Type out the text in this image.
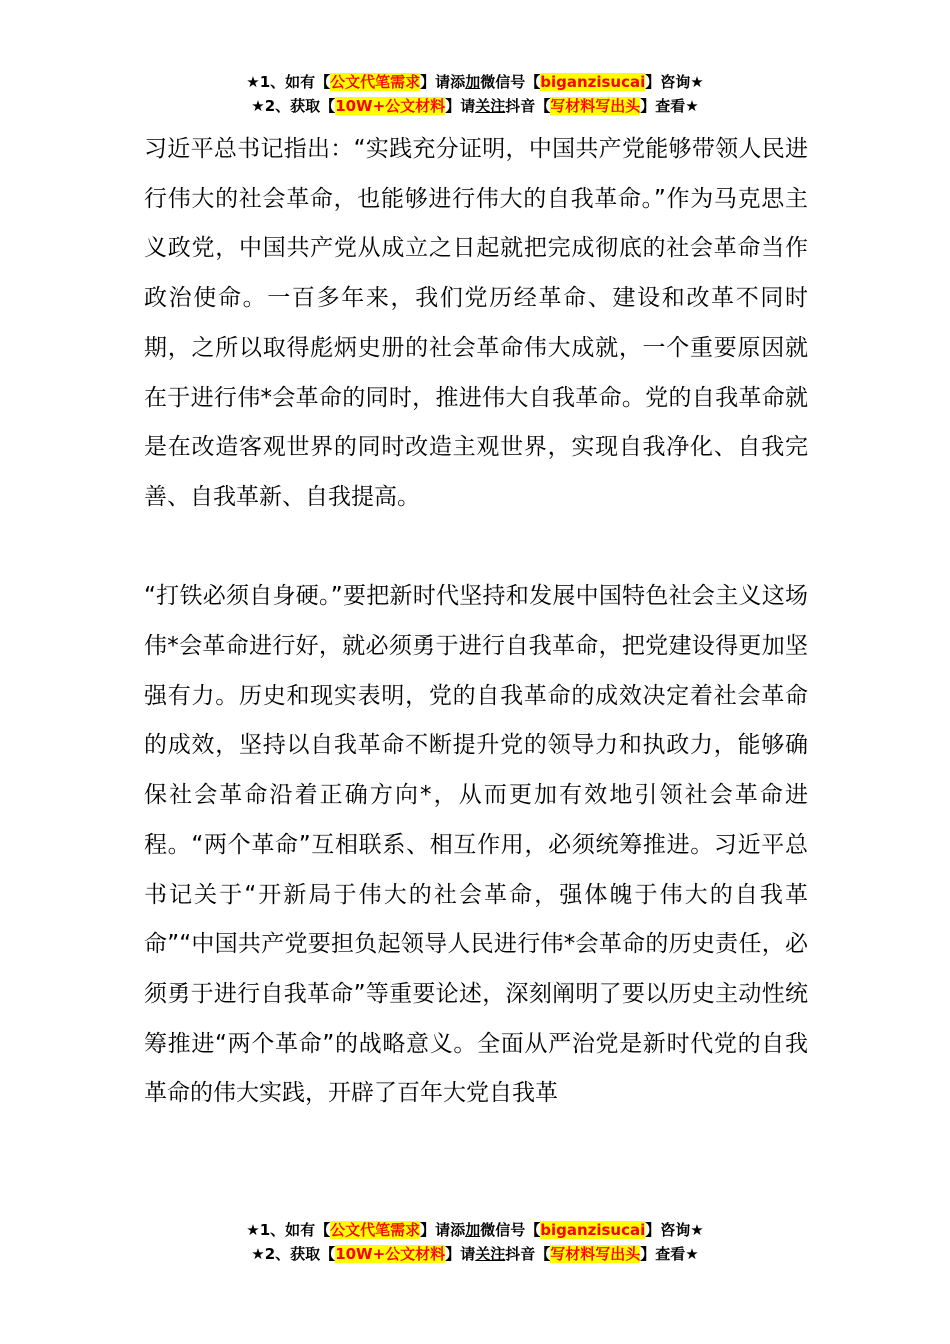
★1、如有【公文代笔需求】请添加微信号【biganzisucai】咨询★
★2、获取【10W+公文材料】请关注抖音【写材料写出头】查看★

习近平总书记指出：“实践充分证明，中国共产党能够带领人民进行伟大的社会革命，也能够进行伟大的自我革命。”作为马克思主义政党，中国共产党从成立之日起就把完成彻底的社会革命当作政治使命。一百多年来，我们党历经革命、建设和改革不同时期，之所以取得彪炳史册的社会革命伟大成就，一个重要原因就在于进行伟*会革命的同时，推进伟大自我革命。党的自我革命就是在改造客观世界的同时改造主观世界，实现自我净化、自我完善、自我革新、自我提高。

“打铁必须自身硬。”要把新时代坚持和发展中国特色社会主义这场伟*会革命进行好，就必须勇于进行自我革命，把党建设得更加坚强有力。历史和现实表明，党的自我革命的成效决定着社会革命的成效，坚持以自我革命不断提升党的领导力和执政力，能够确保社会革命沿着正确方向*，从而更加有效地引领社会革命进程。“两个革命”互相联系、相互作用，必须统筹推进。习近平总书记关于“开新局于伟大的社会革命，强体魄于伟大的自我革命”“中国共产党要担负起领导人民进行伟*会革命的历史责任，必须勇于进行自我革命”等重要论述，深刻阐明了要以历史主动性统筹推进“两个革命”的战略意义。全面从严治党是新时代党的自我革命的伟大实践，开辟了百年大党自我革

★1、如有【公文代笔需求】请添加微信号【biganzisucai】咨询★
★2、获取【10W+公文材料】请关注抖音【写材料写出头】查看★
